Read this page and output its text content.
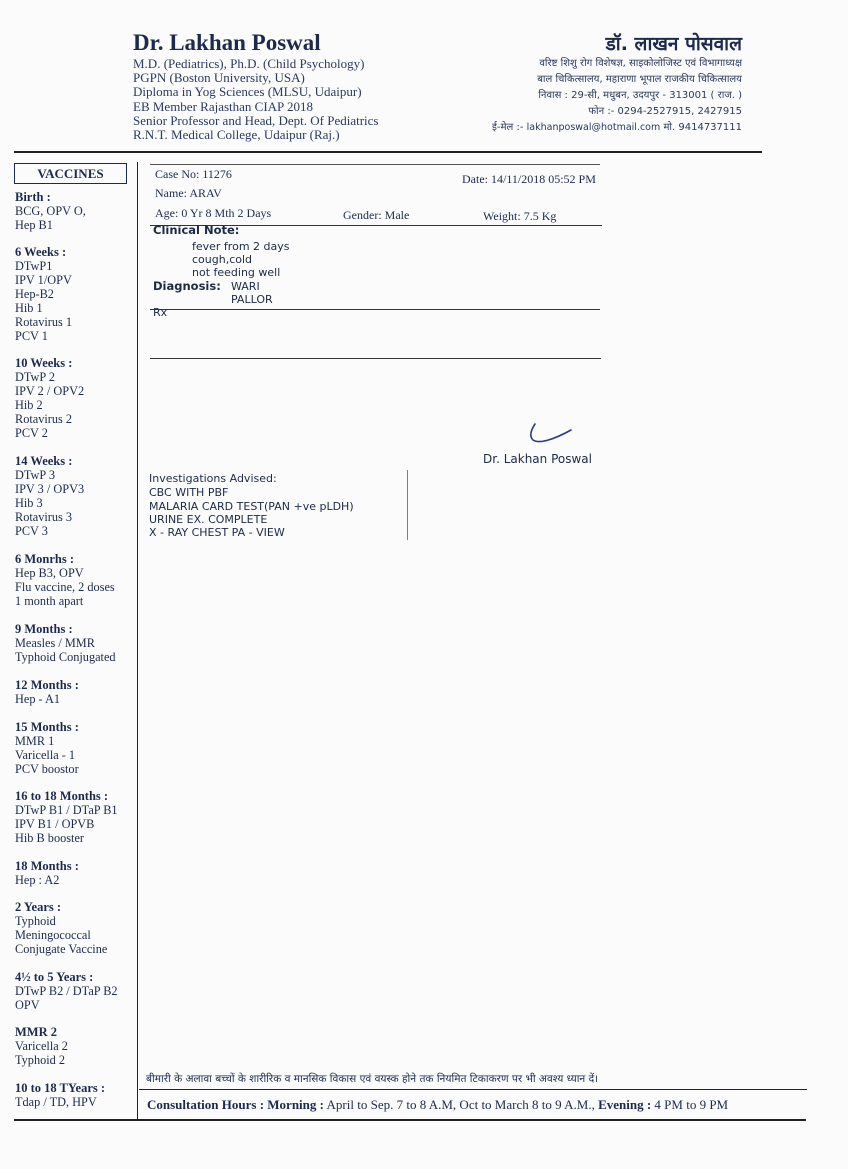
Dr. Lakhan Poswal
M.D. (Pediatrics), Ph.D. (Child Psychology)
PGPN (Boston University, USA)
Diploma in Yog Sciences (MLSU, Udaipur)
EB Member Rajasthan CIAP 2018
Senior Professor and Head, Dept. Of Pediatrics
R.N.T. Medical College, Udaipur (Raj.)
डॉ. लाखन पोसवाल
वरिष्ट शिशु रोग विशेषज्ञ, साइकोलोजिस्ट एवं विभागाध्यक्ष
बाल चिकित्सालय, महाराणा भूपाल राजकीय चिकित्सालय
निवास : 29-सी, मधुबन, उदयपुर - 313001 ( राज. )
फोन :- 0294-2527915, 2427915
ई-मेल :- lakhanposwal@hotmail.com मो. 9414737111
VACCINES
Birth :
BCG, OPV O,
Hep B1
6 Weeks :
DTwP1
IPV 1/OPV
Hep-B2
Hib 1
Rotavirus 1
PCV 1
10 Weeks :
DTwP 2
IPV 2 / OPV2
Hib 2
Rotavirus 2
PCV 2
14 Weeks :
DTwP 3
IPV 3 / OPV3
Hib 3
Rotavirus 3
PCV 3
6 Monrhs :
Hep B3, OPV
Flu vaccine, 2 doses
1 month apart
9 Months :
Measles / MMR
Typhoid Conjugated
12 Months :
Hep - A1
15 Months :
MMR 1
Varicella - 1
PCV boostor
16 to 18 Months :
DTwP B1 / DTaP B1
IPV B1 / OPVB
Hib B booster
18 Months :
Hep : A2
2 Years :
Typhoid
Meningococcal
Conjugate Vaccine
4½ to 5 Years :
DTwP B2 / DTaP B2
OPV
MMR 2
Varicella 2
Typhoid 2
10 to 18 TYears :
Tdap / TD, HPV
Case No: 11276	Date: 14/11/2018 05:52 PM
Name: ARAV
Age: 0 Yr 8 Mth 2 Days	Gender: Male	Weight: 7.5 Kg
Clinical Note:
fever from 2 days
cough,cold
not feeding well
Diagnosis: WARI
PALLOR
Rx
Dr. Lakhan Poswal
Investigations Advised:
CBC WITH PBF
MALARIA CARD TEST(PAN +ve pLDH)
URINE EX. COMPLETE
X - RAY CHEST PA - VIEW
बीमारी के अलावा बच्चों के शारीरिक व मानसिक विकास एवं वयस्क होने तक नियमित टिकाकरण पर भी अवश्य ध्यान दें।
Consultation Hours : Morning : April to Sep. 7 to 8 A.M, Oct to March 8 to 9 A.M., Evening : 4 PM to 9 PM
